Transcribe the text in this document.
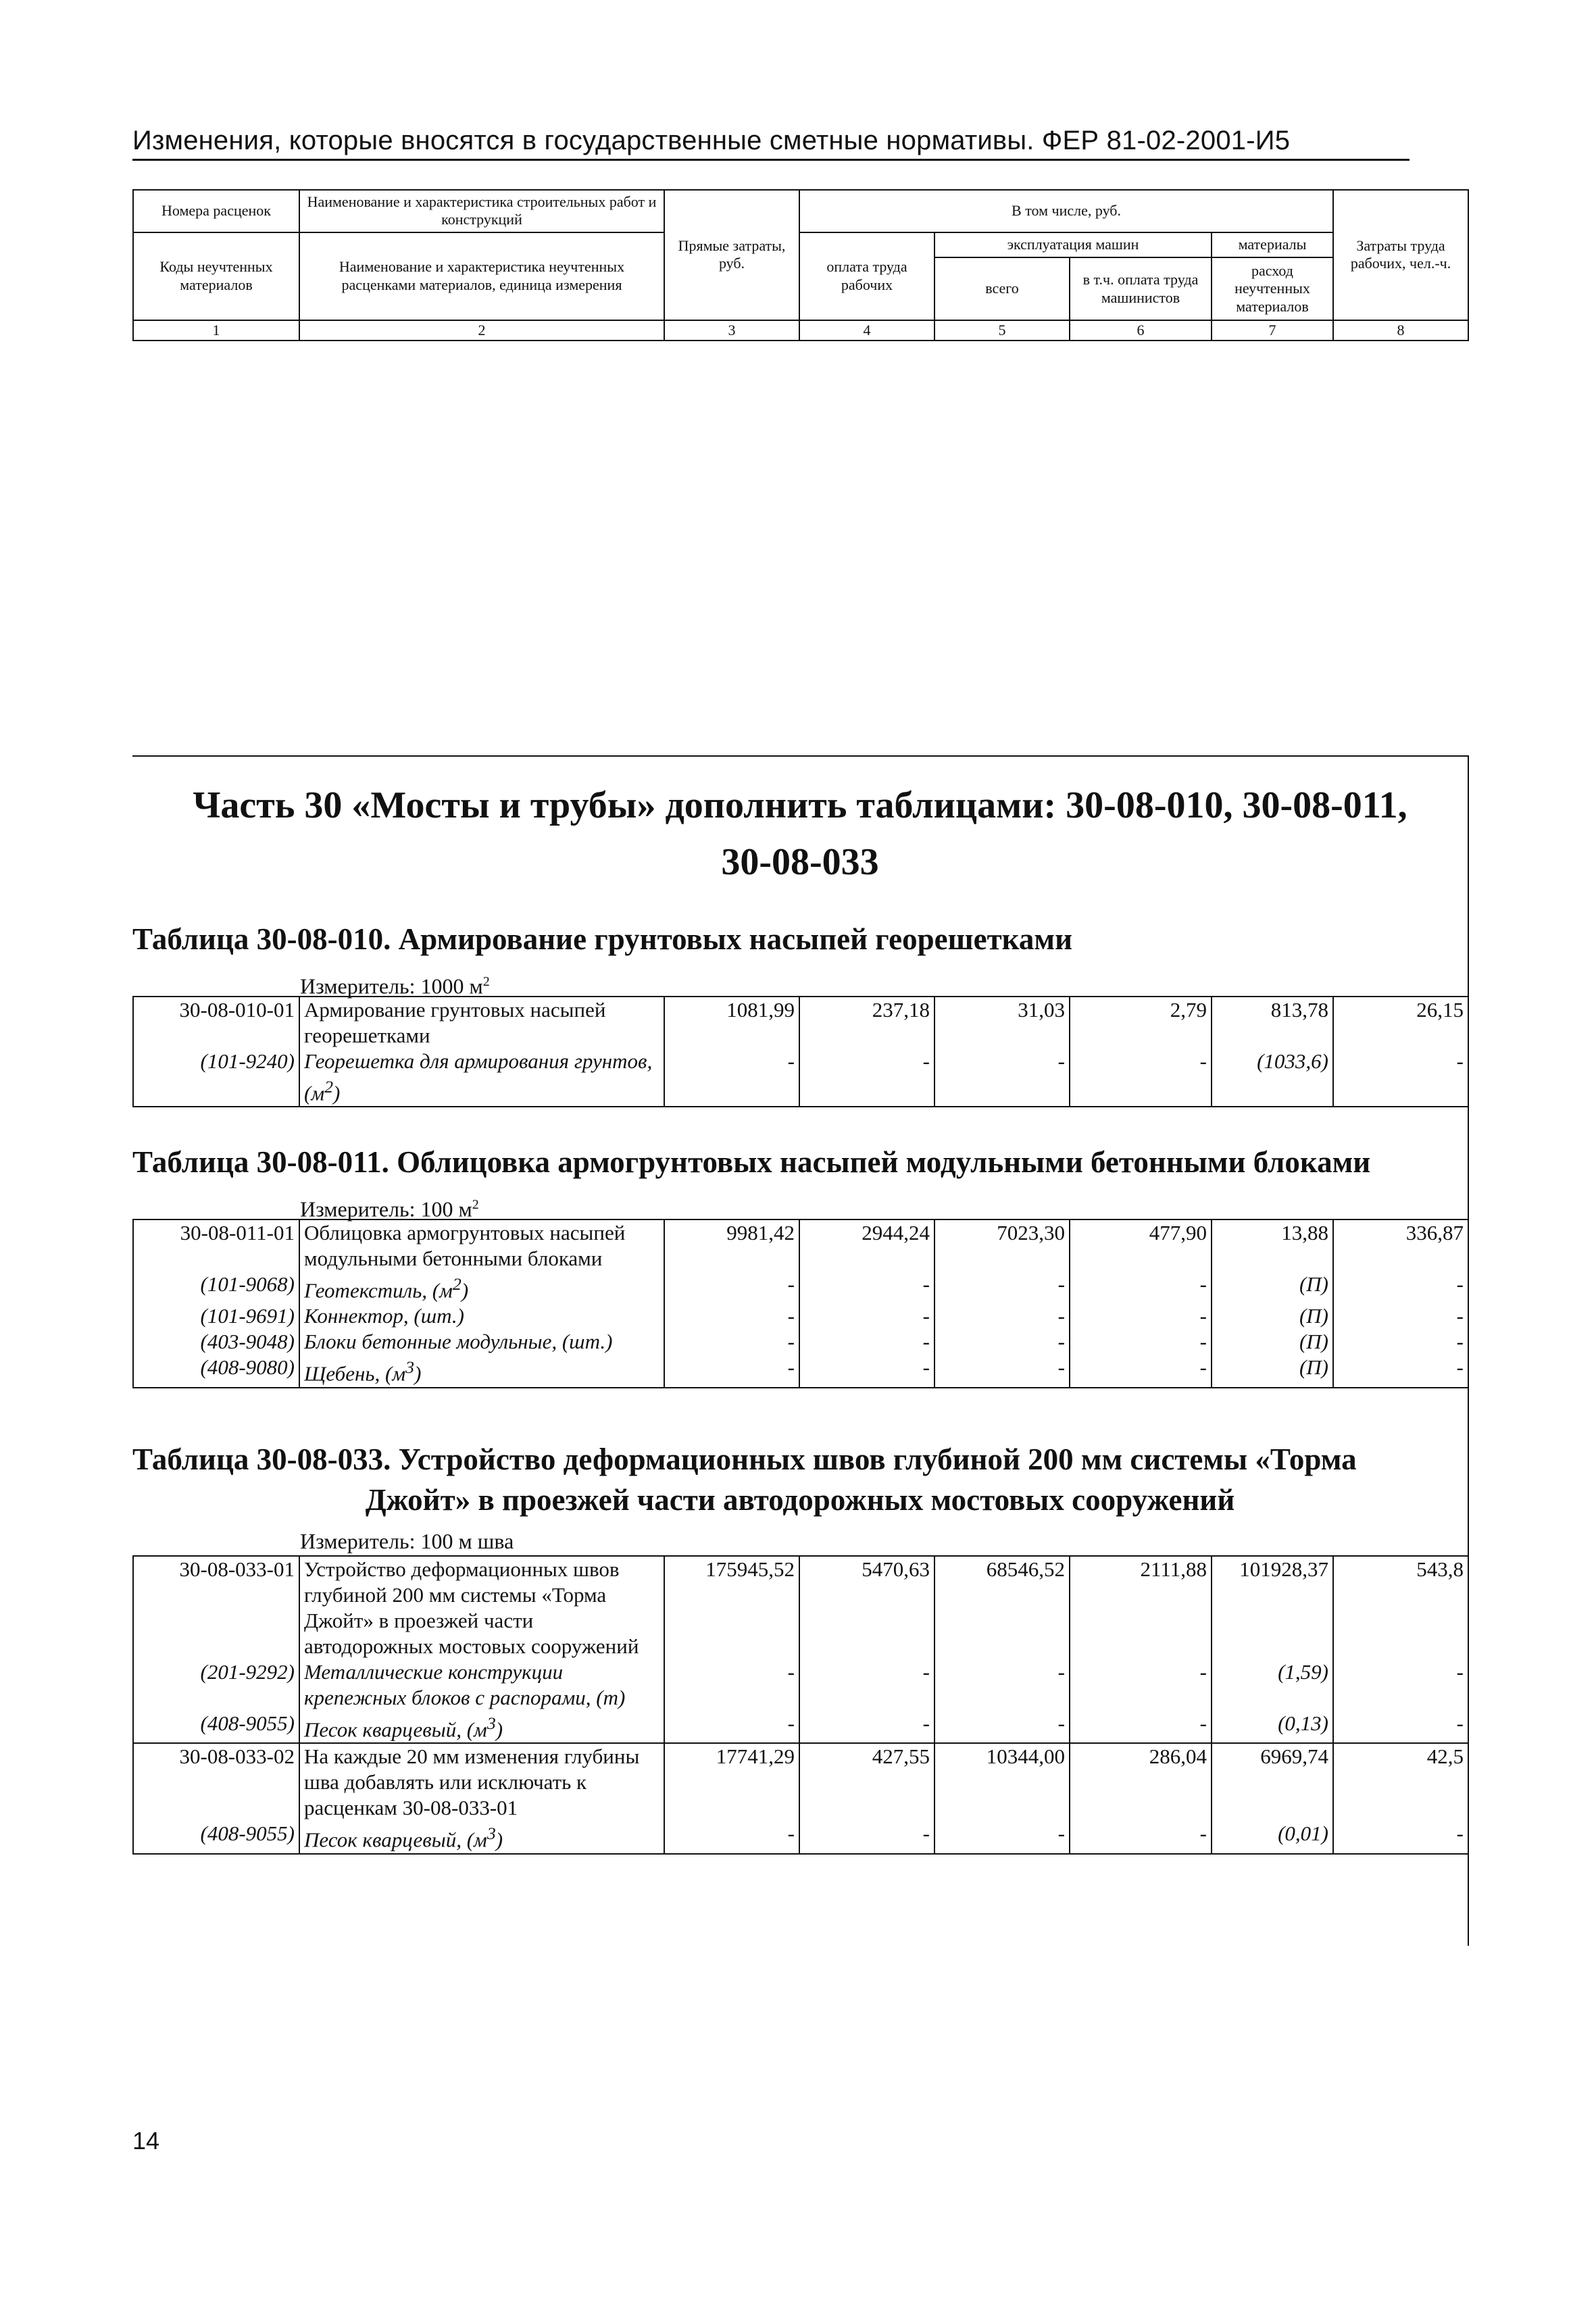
Изменения, которые вносятся в государственные сметные нормативы. ФЕР 81-02-2001-И5
Номера расценок	Наименование и характеристика строительных работ и конструкций	Прямые затраты, руб.	В том числе, руб.				Затраты труда рабочих, чел.-ч.
Коды неучтенных материалов	Наименование и характеристика неучтенных расценками материалов, единица измерения		оплата труда рабочих	эксплуатация машин		материалы	
				всего	в т.ч. оплата труда машинистов	расход неучтенных материалов	
1	2	3	4	5	6	7	8
Часть 30 «Мосты и трубы» дополнить таблицами: 30-08-010, 30-08-011,
30-08-033
Таблица 30-08-010. Армирование грунтовых насыпей георешетками
Измеритель: 1000 $м^2$
30-08-010-01	Армирование грунтовых насыпей георешетками	1081,99	237,18	31,03	2,79	813,78	26,15
(101-9240)	Георешетка для армирования грунтов, $(м^2)$	-	-	-	-	(1033,6)	-
Таблица 30-08-011. Облицовка армогрунтовых насыпей модульными бетонными блоками
Измеритель: 100 $м^2$
30-08-011-01	Облицовка армогрунтовых насыпей модульными бетонными блоками	9981,42	2944,24	7023,30	477,90	13,88	336,87
(101-9068)	Геотекстиль, $(м^2)$	-	-	-	-	(П)	-
(101-9691)	Коннектор, (шт.)	-	-	-	-	(П)	-
(403-9048)	Блоки бетонные модульные, (шт.)	-	-	-	-	(П)	-
(408-9080)	Щебень, $(м^3)$	-	-	-	-	(П)	-
Таблица 30-08-033. Устройство деформационных швов глубиной 200 мм системы «Торма
Джойт» в проезжей части автодорожных мостовых сооружений
Измеритель: 100 м шва
30-08-033-01	Устройство деформационных швов глубиной 200 мм системы «Торма Джойт» в проезжей части автодорожных мостовых сооружений	175945,52	5470,63	68546,52	2111,88	101928,37	543,8
(201-9292)	Металлические конструкции крепежных блоков с распорами, (т)	-	-	-	-	(1,59)	-
(408-9055)	Песок кварцевый, $(м^3)$	-	-	-	-	(0,13)	-
30-08-033-02	На каждые 20 мм изменения глубины шва добавлять или исключать к расценкам 30-08-033-01	17741,29	427,55	10344,00	286,04	6969,74	42,5
(408-9055)	Песок кварцевый, $(м^3)$	-	-	-	-	(0,01)	-
14
